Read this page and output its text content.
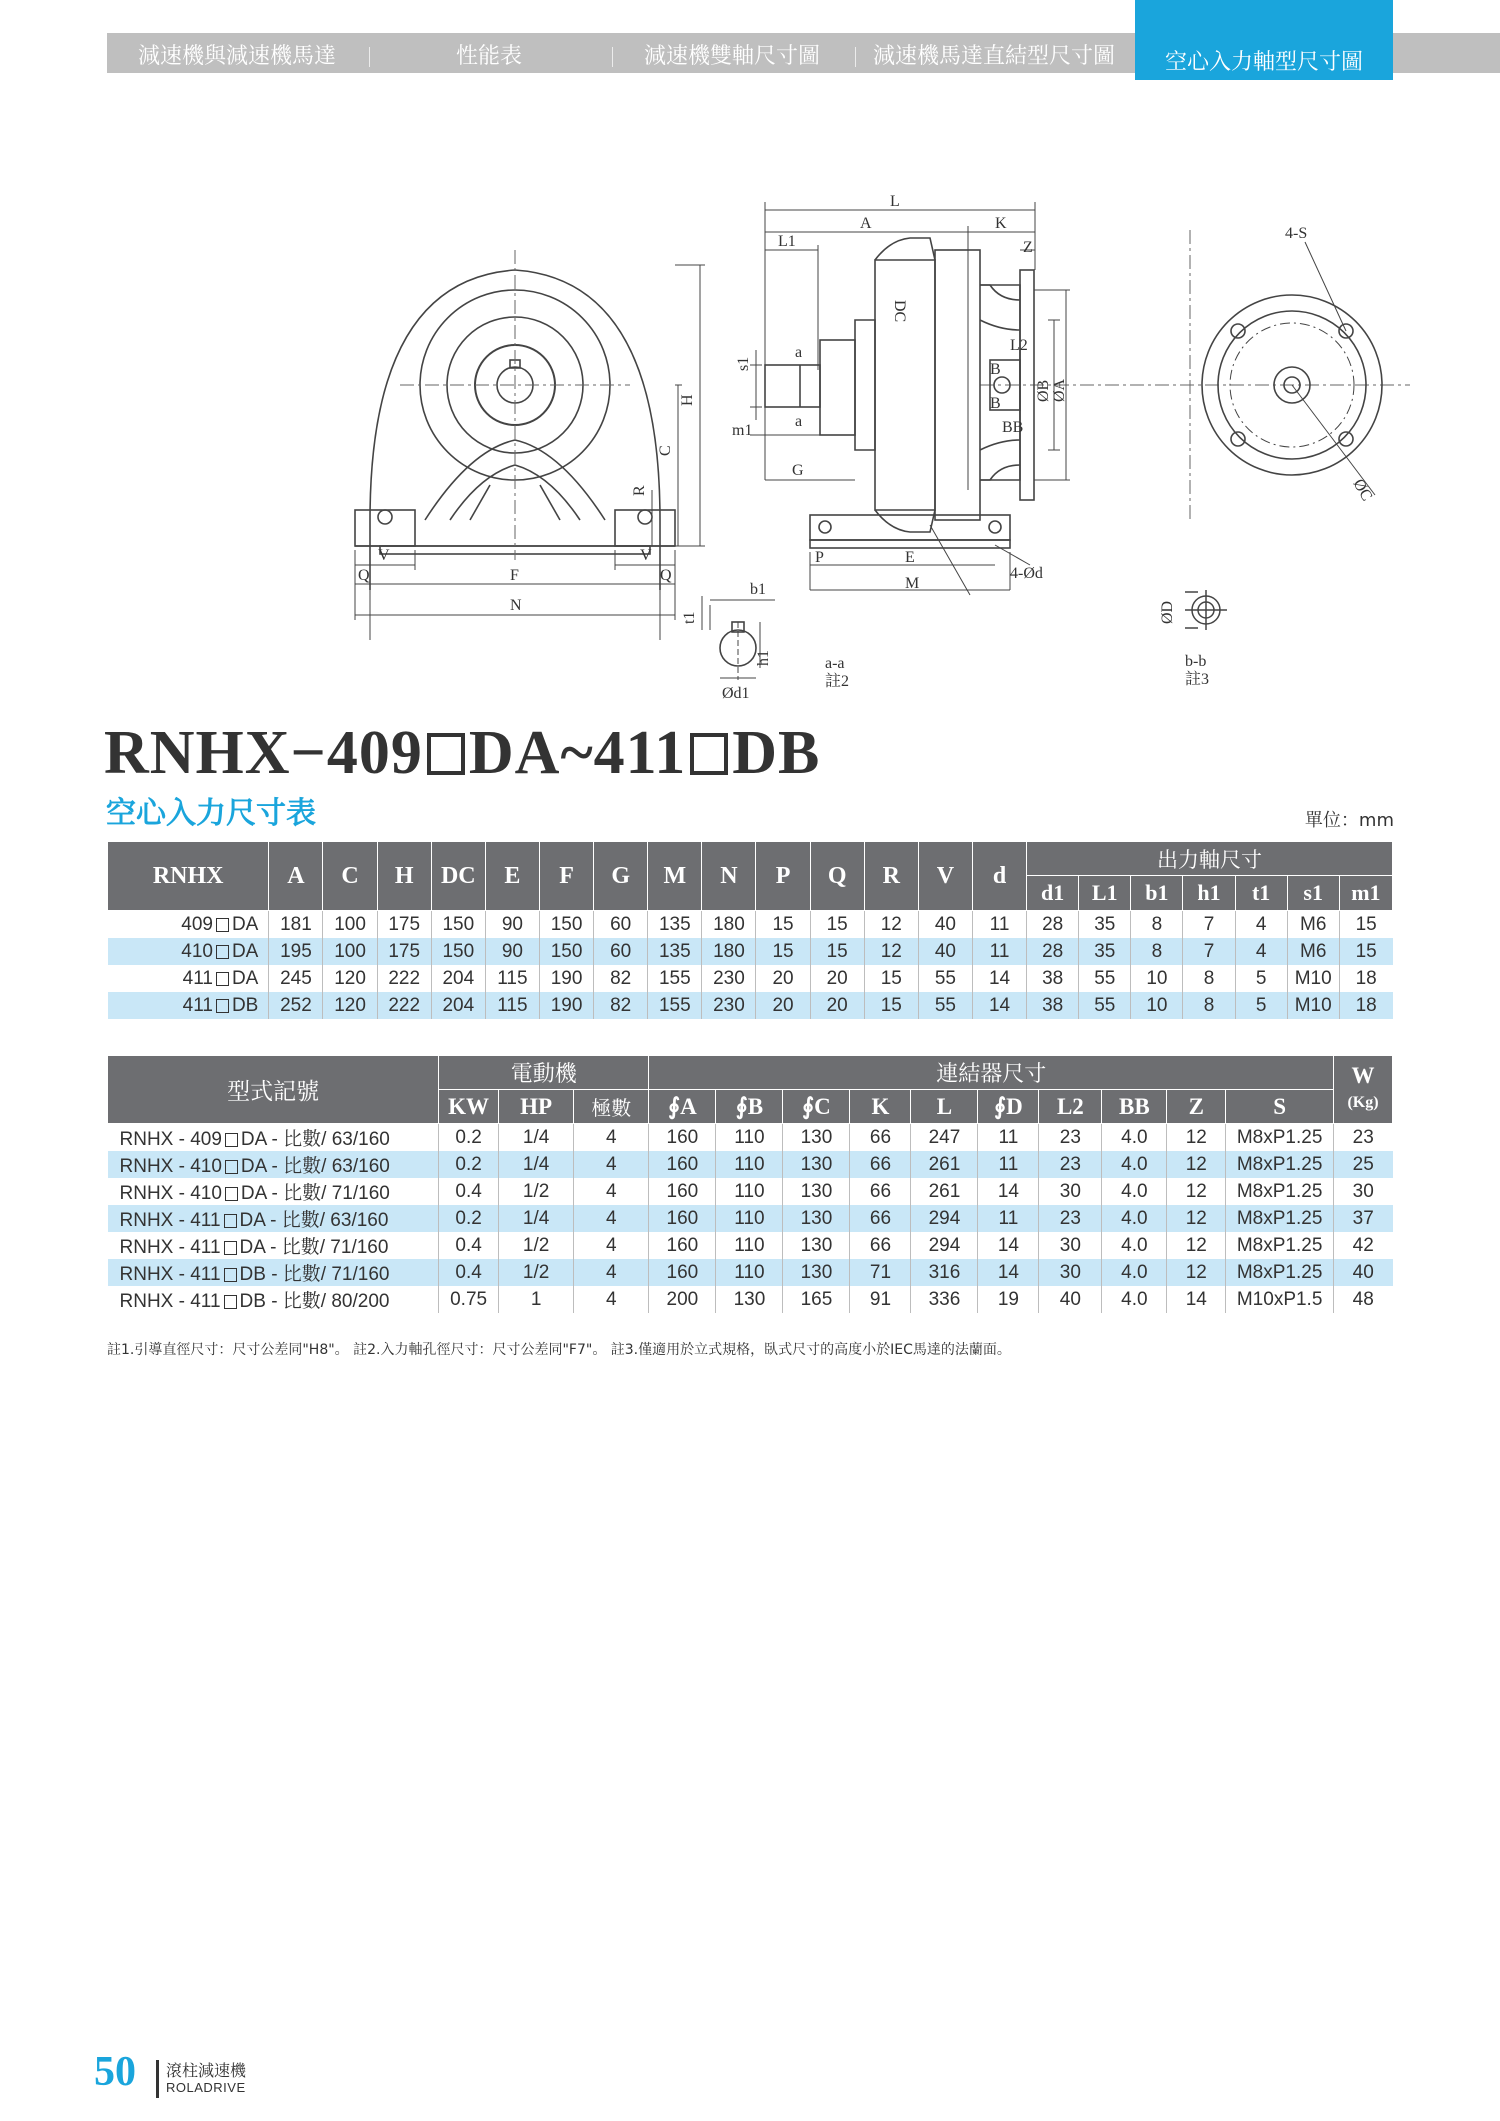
減速機與減速機馬達	性能表	減速機雙軸尺寸圖	減速機馬達直結型尺寸圖	空心入力軸型尺寸圖
V	V
Q	Q
F
N
H
C
R
L
A	K
L1	Z
DC
s1
a
a
m1
G
L2
B
B
BB
ØB ØA
P	E
M
4-Ød
4-S
ØC
t1
b1
h1
Ød1
a-a
註2
ØD
b-b
註3
RNHX−409 DA~411 DB
空心入力尺寸表	單位：mm
RNHX	A	C	H	DC	E	F	G	M	N	P	Q	R	V	d	出力軸尺寸						
															d1	L1	b1	h1	t1	s1	m1
409 DA	181	100	175	150	90	150	60	135	180	15	15	12	40	11	28	35	8	7	4	M6	15
410 DA	195	100	175	150	90	150	60	135	180	15	15	12	40	11	28	35	8	7	4	M6	15
411 DA	245	120	222	204	115	190	82	155	230	20	20	15	55	14	38	55	10	8	5	M10	18
411 DB	252	120	222	204	115	190	82	155	230	20	20	15	55	14	38	55	10	8	5	M10	18
型式記號	電動機			連結器尺寸										W
(Kg)
	KW	HP	極數	∮A	∮B	∮C	K	L	∮D	L2	BB	Z	S	
RNHX - 409 DA - 比數/ 63/160	0.2	1/4	4	160	110	130	66	247	11	23	4.0	12	M8xP1.25	23
RNHX - 410 DA - 比數/ 63/160	0.2	1/4	4	160	110	130	66	261	11	23	4.0	12	M8xP1.25	25
RNHX - 410 DA - 比數/ 71/160	0.4	1/2	4	160	110	130	66	261	14	30	4.0	12	M8xP1.25	30
RNHX - 411 DA - 比數/ 63/160	0.2	1/4	4	160	110	130	66	294	11	23	4.0	12	M8xP1.25	37
RNHX - 411 DA - 比數/ 71/160	0.4	1/2	4	160	110	130	66	294	14	30	4.0	12	M8xP1.25	42
RNHX - 411 DB - 比數/ 71/160	0.4	1/2	4	160	110	130	71	316	14	30	4.0	12	M8xP1.25	40
RNHX - 411 DB - 比數/ 80/200	0.75	1	4	200	130	165	91	336	19	40	4.0	14	M10xP1.5	48
註1.引導直徑尺寸：尺寸公差同"H8"。 註2.入力軸孔徑尺寸：尺寸公差同"F7"。 註3.僅適用於立式規格，臥式尺寸的高度小於IEC馬達的法蘭面。
50 滾柱減速機
ROLADRIVE
